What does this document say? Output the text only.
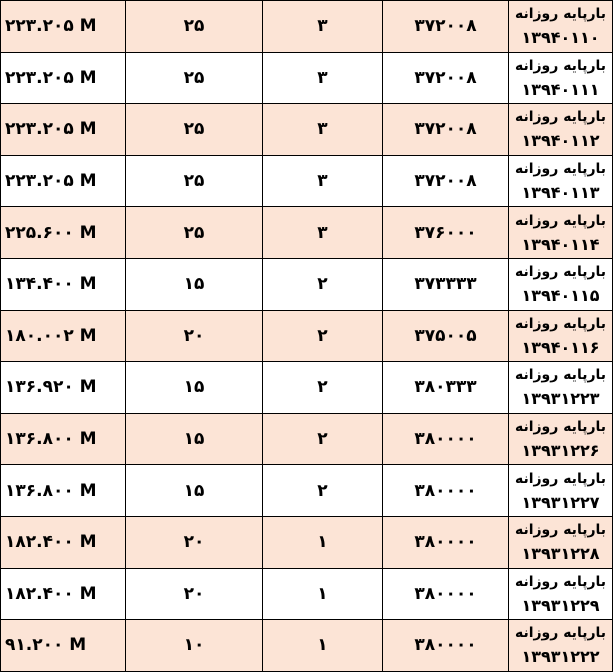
۲۲۳.۲۰۵ M	۲۵	۳	۳۷۲۰۰۸	بارپایه روزانه
۱۳۹۴۰۱۱۰

۲۲۳.۲۰۵ M	۲۵	۳	۳۷۲۰۰۸	بارپایه روزانه
۱۳۹۴۰۱۱۱

۲۲۳.۲۰۵ M	۲۵	۳	۳۷۲۰۰۸	بارپایه روزانه
۱۳۹۴۰۱۱۲

۲۲۳.۲۰۵ M	۲۵	۳	۳۷۲۰۰۸	بارپایه روزانه
۱۳۹۴۰۱۱۳

۲۲۵.۶۰۰ M	۲۵	۳	۳۷۶۰۰۰	بارپایه روزانه
۱۳۹۴۰۱۱۴

۱۳۴.۴۰۰ M	۱۵	۲	۳۷۳۳۳۳	بارپایه روزانه
۱۳۹۴۰۱۱۵

۱۸۰.۰۰۲ M	۲۰	۲	۳۷۵۰۰۵	بارپایه روزانه
۱۳۹۴۰۱۱۶

۱۳۶.۹۲۰ M	۱۵	۲	۳۸۰۳۳۳	بارپایه روزانه
۱۳۹۳۱۲۲۳

۱۳۶.۸۰۰ M	۱۵	۲	۳۸۰۰۰۰	بارپایه روزانه
۱۳۹۳۱۲۲۶

۱۳۶.۸۰۰ M	۱۵	۲	۳۸۰۰۰۰	بارپایه روزانه
۱۳۹۳۱۲۲۷

۱۸۲.۴۰۰ M	۲۰	۱	۳۸۰۰۰۰	بارپایه روزانه
۱۳۹۳۱۲۲۸

۱۸۲.۴۰۰ M	۲۰	۱	۳۸۰۰۰۰	بارپایه روزانه
۱۳۹۳۱۲۲۹

۹۱.۲۰۰ M	۱۰	۱	۳۸۰۰۰۰	بارپایه روزانه
۱۳۹۳۱۲۲۲
